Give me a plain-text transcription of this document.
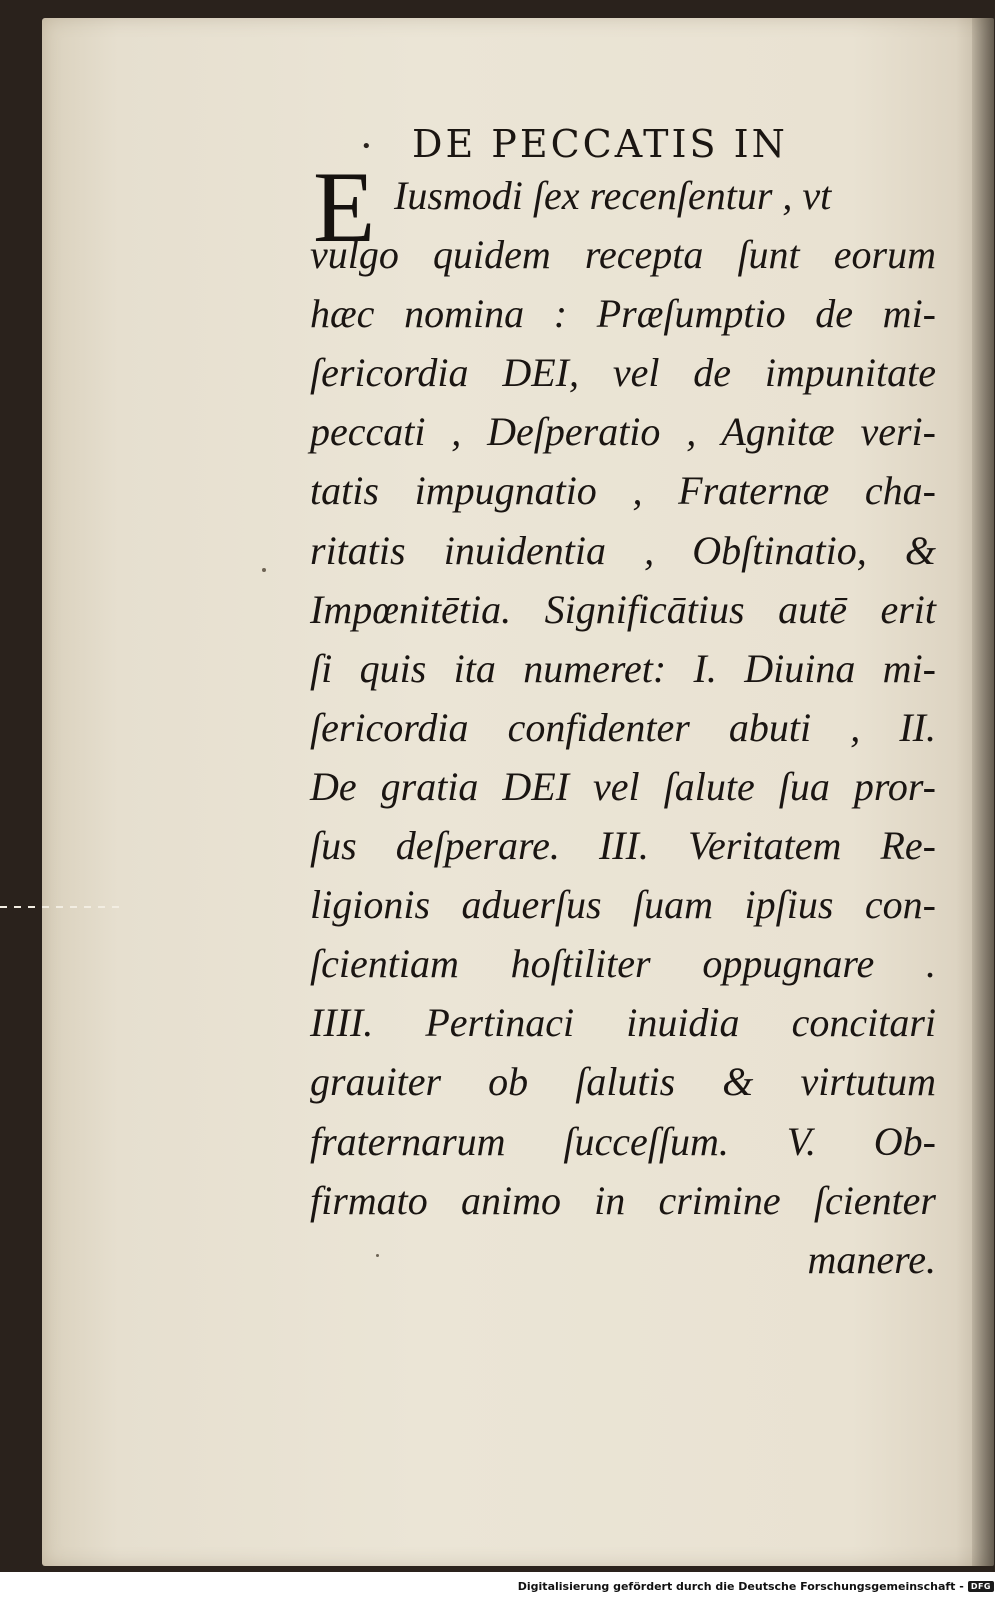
• DE PECCATIS IN
E Iusmodi ſex recenſentur , vt
vulgo quidem recepta ſunt eorum
hæc nomina : Præſumptio de mi-
ſericordia DEI, vel de impunitate
peccati , Deſperatio , Agnitæ veri-
tatis impugnatio , Fraternæ cha-
ritatis inuidentia , Obſtinatio, &
Impœnitētia. Significātius autē erit
ſi quis ita numeret: I. Diuina mi-
ſericordia confidenter abuti , II.
De gratia DEI vel ſalute ſua pror-
ſus deſperare. III. Veritatem Re-
ligionis aduerſus ſuam ipſius con-
ſcientiam hoſtiliter oppugnare .
IIII. Pertinaci inuidia concitari
grauiter ob ſalutis & virtutum
fraternarum ſucceſſum. V. Ob-
firmato animo in crimine ſcienter
manere.
Digitalisierung gefördert durch die Deutsche Forschungsgemeinschaft - DFG
